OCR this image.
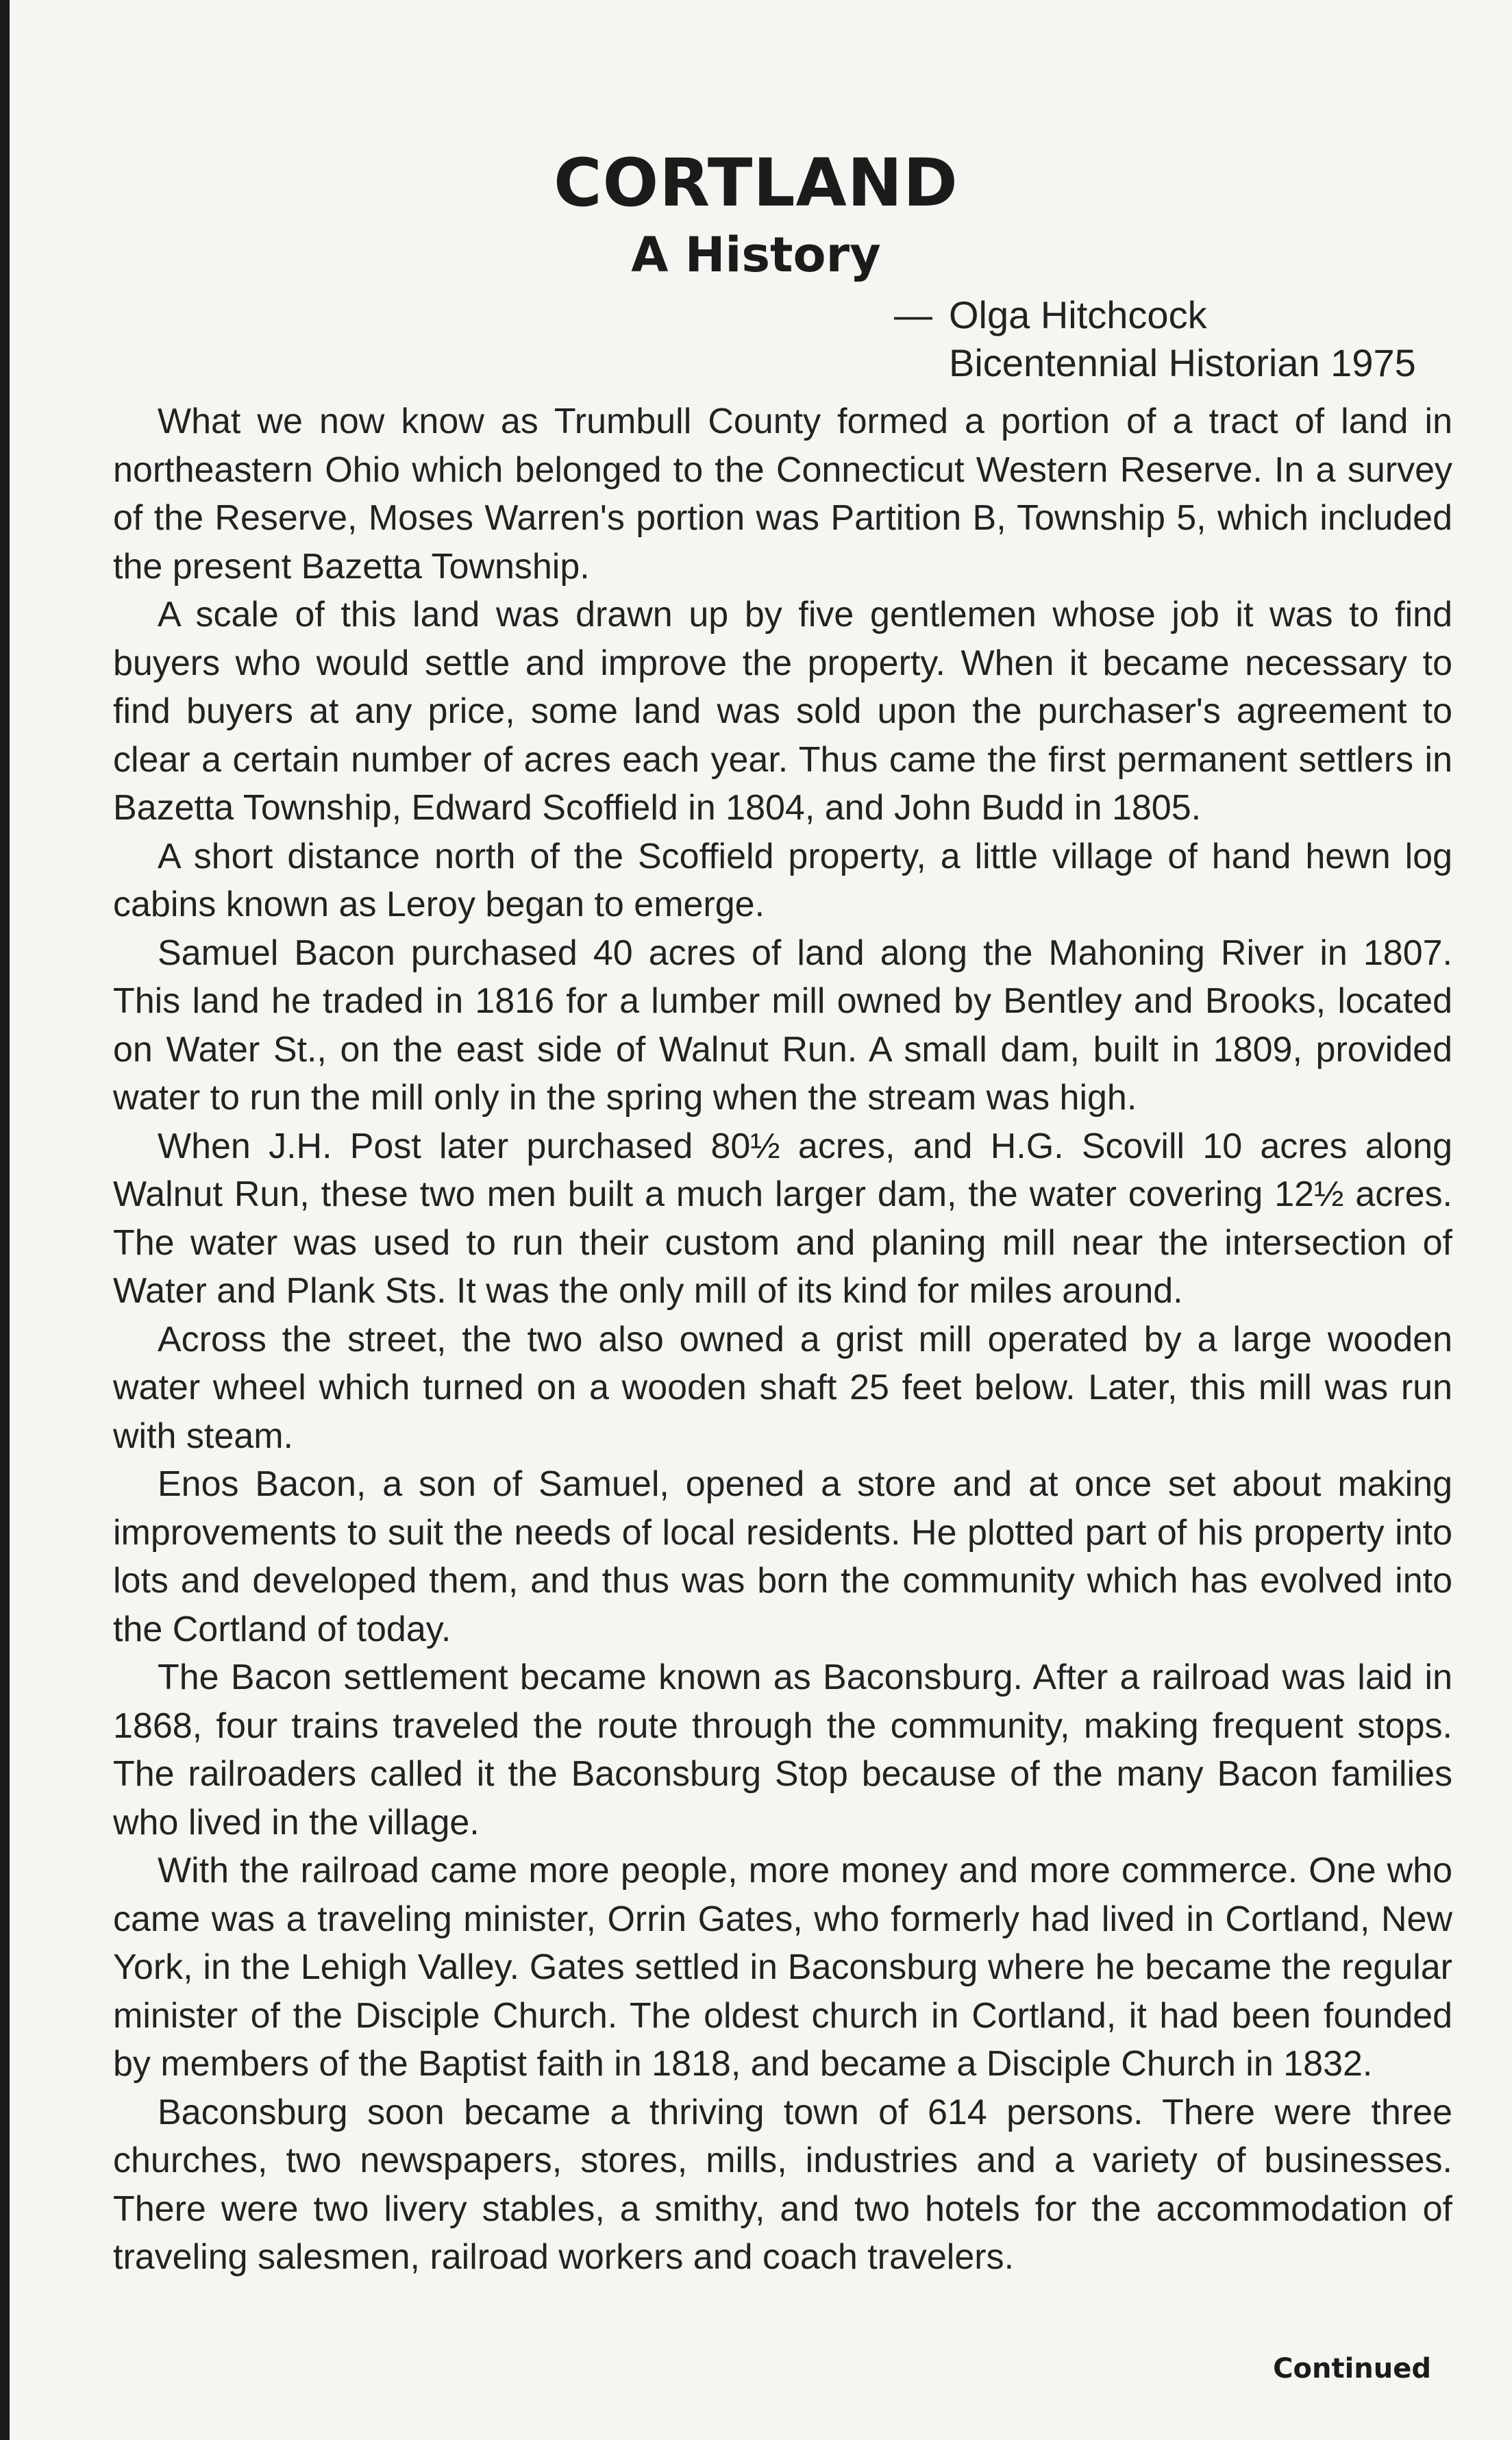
CORTLAND
A History
— Olga Hitchcock
Bicentennial Historian 1975

What we now know as Trumbull County formed a portion of a tract of land in northeastern Ohio which belonged to the Connecticut Western Reserve. In a survey of the Reserve, Moses Warren's portion was Partition B, Township 5, which included the present Bazetta Township.

A scale of this land was drawn up by five gentlemen whose job it was to find buyers who would settle and improve the property. When it became necessary to find buyers at any price, some land was sold upon the purchaser's agreement to clear a certain number of acres each year. Thus came the first permanent settlers in Bazetta Township, Edward Scoffield in 1804, and John Budd in 1805.

A short distance north of the Scoffield property, a little village of hand hewn log cabins known as Leroy began to emerge.

Samuel Bacon purchased 40 acres of land along the Mahoning River in 1807. This land he traded in 1816 for a lumber mill owned by Bentley and Brooks, located on Water St., on the east side of Walnut Run. A small dam, built in 1809, provided water to run the mill only in the spring when the stream was high.

When J.H. Post later purchased 80½ acres, and H.G. Scovill 10 acres along Walnut Run, these two men built a much larger dam, the water covering 12½ acres. The water was used to run their custom and planing mill near the intersection of Water and Plank Sts. It was the only mill of its kind for miles around.

Across the street, the two also owned a grist mill operated by a large wooden water wheel which turned on a wooden shaft 25 feet below. Later, this mill was run with steam.

Enos Bacon, a son of Samuel, opened a store and at once set about making improvements to suit the needs of local residents. He plotted part of his property into lots and developed them, and thus was born the community which has evolved into the Cortland of today.

The Bacon settlement became known as Baconsburg. After a railroad was laid in 1868, four trains traveled the route through the community, making frequent stops. The railroaders called it the Baconsburg Stop because of the many Bacon families who lived in the village.

With the railroad came more people, more money and more commerce. One who came was a traveling minister, Orrin Gates, who formerly had lived in Cortland, New York, in the Lehigh Valley. Gates settled in Baconsburg where he became the regular minister of the Disciple Church. The oldest church in Cortland, it had been founded by members of the Baptist faith in 1818, and became a Disciple Church in 1832.

Baconsburg soon became a thriving town of 614 persons. There were three churches, two newspapers, stores, mills, industries and a variety of businesses. There were two livery stables, a smithy, and two hotels for the accommodation of traveling salesmen, railroad workers and coach travelers.

Continued
